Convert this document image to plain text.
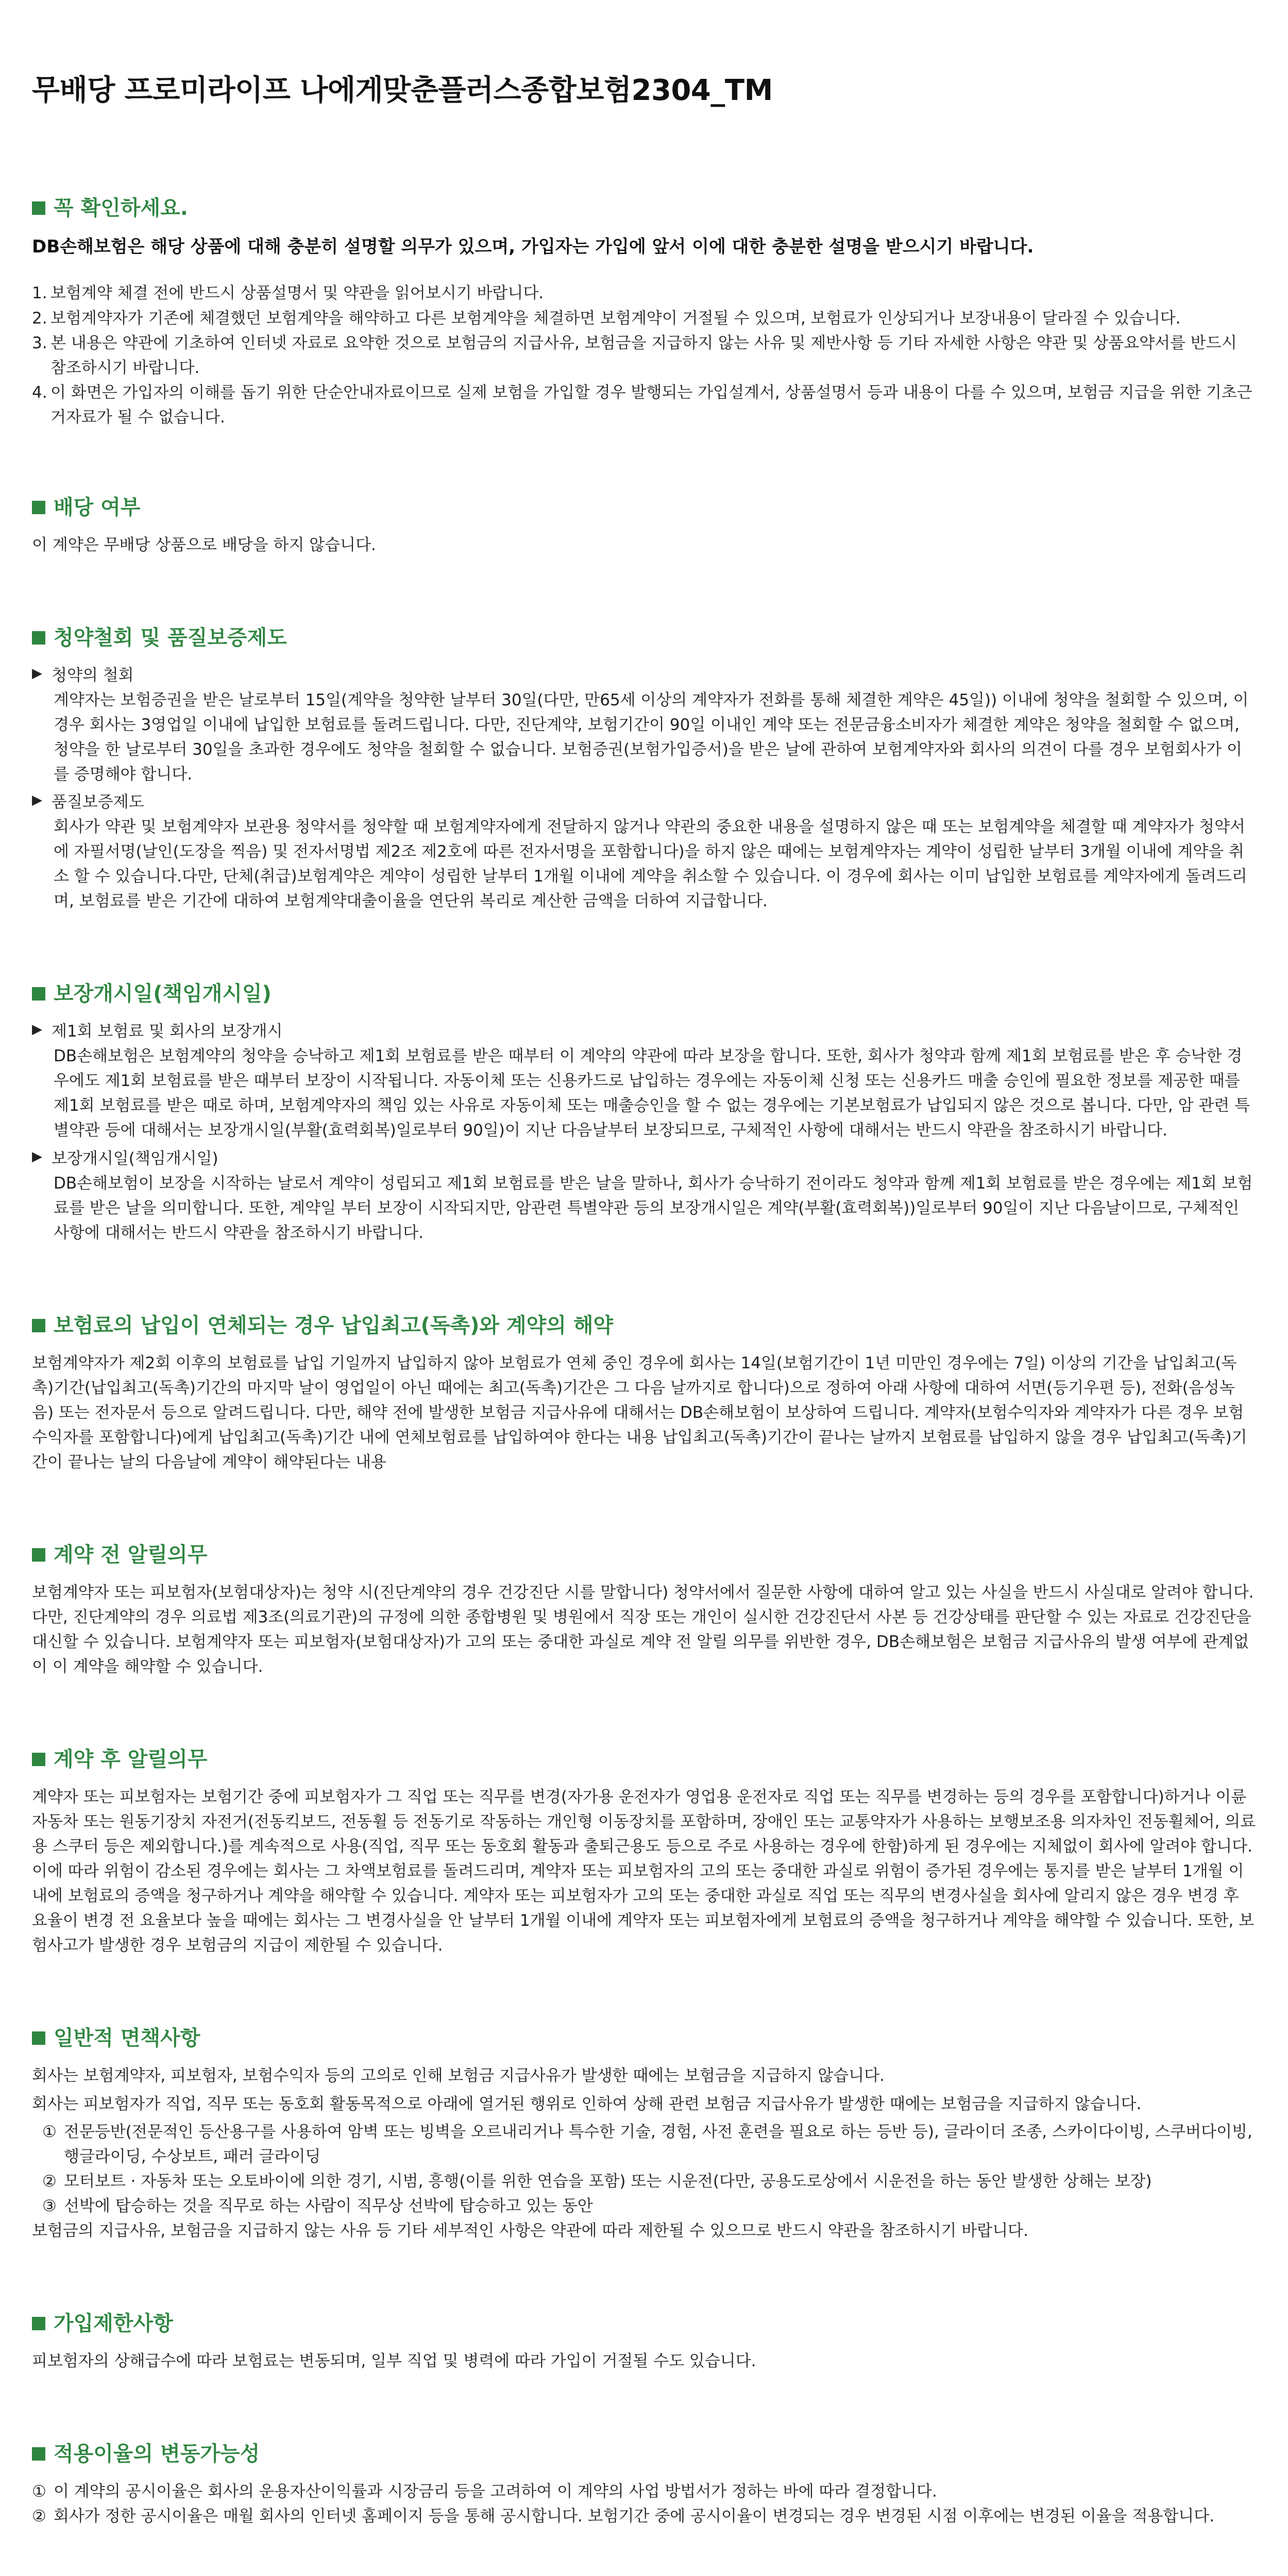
무배당 프로미라이프 나에게맞춘플러스종합보험2304_TM
꼭 확인하세요.
DB손해보험은 해당 상품에 대해 충분히 설명할 의무가 있으며, 가입자는 가입에 앞서 이에 대한 충분한 설명을 받으시기 바랍니다.
1. 보험계약 체결 전에 반드시 상품설명서 및 약관을 읽어보시기 바랍니다.
2. 보험계약자가 기존에 체결했던 보험계약을 해약하고 다른 보험계약을 체결하면 보험계약이 거절될 수 있으며, 보험료가 인상되거나 보장내용이 달라질 수 있습니다.
3. 본 내용은 약관에 기초하여 인터넷 자료로 요약한 것으로 보험금의 지급사유, 보험금을 지급하지 않는 사유 및 제반사항 등 기타 자세한 사항은 약관 및 상품요약서를 반드시 참조하시기 바랍니다.
4. 이 화면은 가입자의 이해를 돕기 위한 단순안내자료이므로 실제 보험을 가입할 경우 발행되는 가입설계서, 상품설명서 등과 내용이 다를 수 있으며, 보험금 지급을 위한 기초근거자료가 될 수 없습니다.
배당 여부

이 계약은 무배당 상품으로 배당을 하지 않습니다.

청약철회 및 품질보증제도
▶ 청약의 철회

계약자는 보험증권을 받은 날로부터 15일(계약을 청약한 날부터 30일(다만, 만65세 이상의 계약자가 전화를 통해 체결한 계약은 45일)) 이내에 청약을 철회할 수 있으며, 이 경우 회사는 3영업일 이내에 납입한 보험료를 돌려드립니다. 다만, 진단계약, 보험기간이 90일 이내인 계약 또는 전문금융소비자가 체결한 계약은 청약을 철회할 수 없으며, 청약을 한 날로부터 30일을 초과한 경우에도 청약을 철회할 수 없습니다. 보험증권(보험가입증서)을 받은 날에 관하여 보험계약자와 회사의 의견이 다를 경우 보험회사가 이를 증명해야 합니다.

▶ 품질보증제도

회사가 약관 및 보험계약자 보관용 청약서를 청약할 때 보험계약자에게 전달하지 않거나 약관의 중요한 내용을 설명하지 않은 때 또는 보험계약을 체결할 때 계약자가 청약서에 자필서명(날인(도장을 찍음) 및 전자서명법 제2조 제2호에 따른 전자서명을 포함합니다)을 하지 않은 때에는 보험계약자는 계약이 성립한 날부터 3개월 이내에 계약을 취소 할 수 있습니다.다만, 단체(취급)보험계약은 계약이 성립한 날부터 1개월 이내에 계약을 취소할 수 있습니다. 이 경우에 회사는 이미 납입한 보험료를 계약자에게 돌려드리며, 보험료를 받은 기간에 대하여 보험계약대출이율을 연단위 복리로 계산한 금액을 더하여 지급합니다.

보장개시일(책임개시일)
▶ 제1회 보험료 및 회사의 보장개시

DB손해보험은 보험계약의 청약을 승낙하고 제1회 보험료를 받은 때부터 이 계약의 약관에 따라 보장을 합니다. 또한, 회사가 청약과 함께 제1회 보험료를 받은 후 승낙한 경우에도 제1회 보험료를 받은 때부터 보장이 시작됩니다. 자동이체 또는 신용카드로 납입하는 경우에는 자동이체 신청 또는 신용카드 매출 승인에 필요한 정보를 제공한 때를 제1회 보험료를 받은 때로 하며, 보험계약자의 책임 있는 사유로 자동이체 또는 매출승인을 할 수 없는 경우에는 기본보험료가 납입되지 않은 것으로 봅니다. 다만, 암 관련 특별약관 등에 대해서는 보장개시일(부활(효력회복)일로부터 90일)이 지난 다음날부터 보장되므로, 구체적인 사항에 대해서는 반드시 약관을 참조하시기 바랍니다.

▶ 보장개시일(책임개시일)

DB손해보험이 보장을 시작하는 날로서 계약이 성립되고 제1회 보험료를 받은 날을 말하나, 회사가 승낙하기 전이라도 청약과 함께 제1회 보험료를 받은 경우에는 제1회 보험료를 받은 날을 의미합니다. 또한, 계약일 부터 보장이 시작되지만, 암관련 특별약관 등의 보장개시일은 계약(부활(효력회복))일로부터 90일이 지난 다음날이므로, 구체적인 사항에 대해서는 반드시 약관을 참조하시기 바랍니다.

보험료의 납입이 연체되는 경우 납입최고(독촉)와 계약의 해약

보험계약자가 제2회 이후의 보험료를 납입 기일까지 납입하지 않아 보험료가 연체 중인 경우에 회사는 14일(보험기간이 1년 미만인 경우에는 7일) 이상의 기간을 납입최고(독촉)기간(납입최고(독촉)기간의 마지막 날이 영업일이 아닌 때에는 최고(독촉)기간은 그 다음 날까지로 합니다)으로 정하여 아래 사항에 대하여 서면(등기우편 등), 전화(음성녹음) 또는 전자문서 등으로 알려드립니다. 다만, 해약 전에 발생한 보험금 지급사유에 대해서는 DB손해보험이 보상하여 드립니다. 계약자(보험수익자와 계약자가 다른 경우 보험수익자를 포함합니다)에게 납입최고(독촉)기간 내에 연체보험료를 납입하여야 한다는 내용 납입최고(독촉)기간이 끝나는 날까지 보험료를 납입하지 않을 경우 납입최고(독촉)기간이 끝나는 날의 다음날에 계약이 해약된다는 내용

계약 전 알릴의무

보험계약자 또는 피보험자(보험대상자)는 청약 시(진단계약의 경우 건강진단 시를 말합니다) 청약서에서 질문한 사항에 대하여 알고 있는 사실을 반드시 사실대로 알려야 합니다. 다만, 진단계약의 경우 의료법 제3조(의료기관)의 규정에 의한 종합병원 및 병원에서 직장 또는 개인이 실시한 건강진단서 사본 등 건강상태를 판단할 수 있는 자료로 건강진단을 대신할 수 있습니다. 보험계약자 또는 피보험자(보험대상자)가 고의 또는 중대한 과실로 계약 전 알릴 의무를 위반한 경우, DB손해보험은 보험금 지급사유의 발생 여부에 관계없이 이 계약을 해약할 수 있습니다.

계약 후 알릴의무

계약자 또는 피보험자는 보험기간 중에 피보험자가 그 직업 또는 직무를 변경(자가용 운전자가 영업용 운전자로 직업 또는 직무를 변경하는 등의 경우를 포함합니다)하거나 이륜자동차 또는 원동기장치 자전거(전동킥보드, 전동휠 등 전동기로 작동하는 개인형 이동장치를 포함하며, 장애인 또는 교통약자가 사용하는 보행보조용 의자차인 전동휠체어, 의료용 스쿠터 등은 제외합니다.)를 계속적으로 사용(직업, 직무 또는 동호회 활동과 출퇴근용도 등으로 주로 사용하는 경우에 한함)하게 된 경우에는 지체없이 회사에 알려야 합니다. 이에 따라 위험이 감소된 경우에는 회사는 그 차액보험료를 돌려드리며, 계약자 또는 피보험자의 고의 또는 중대한 과실로 위험이 증가된 경우에는 통지를 받은 날부터 1개월 이내에 보험료의 증액을 청구하거나 계약을 해약할 수 있습니다. 계약자 또는 피보험자가 고의 또는 중대한 과실로 직업 또는 직무의 변경사실을 회사에 알리지 않은 경우 변경 후 요율이 변경 전 요율보다 높을 때에는 회사는 그 변경사실을 안 날부터 1개월 이내에 계약자 또는 피보험자에게 보험료의 증액을 청구하거나 계약을 해약할 수 있습니다. 또한, 보험사고가 발생한 경우 보험금의 지급이 제한될 수 있습니다.

일반적 면책사항

회사는 보험계약자, 피보험자, 보험수익자 등의 고의로 인해 보험금 지급사유가 발생한 때에는 보험금을 지급하지 않습니다.

회사는 피보험자가 직업, 직무 또는 동호회 활동목적으로 아래에 열거된 행위로 인하여 상해 관련 보험금 지급사유가 발생한 때에는 보험금을 지급하지 않습니다.

① 전문등반(전문적인 등산용구를 사용하여 암벽 또는 빙벽을 오르내리거나 특수한 기술, 경험, 사전 훈련을 필요로 하는 등반 등), 글라이더 조종, 스카이다이빙, 스쿠버다이빙, 행글라이딩, 수상보트, 패러 글라이딩
② 모터보트 · 자동차 또는 오토바이에 의한 경기, 시범, 흥행(이를 위한 연습을 포함) 또는 시운전(다만, 공용도로상에서 시운전을 하는 동안 발생한 상해는 보장)
③ 선박에 탑승하는 것을 직무로 하는 사람이 직무상 선박에 탑승하고 있는 동안

보험금의 지급사유, 보험금을 지급하지 않는 사유 등 기타 세부적인 사항은 약관에 따라 제한될 수 있으므로 반드시 약관을 참조하시기 바랍니다.

가입제한사항

피보험자의 상해급수에 따라 보험료는 변동되며, 일부 직업 및 병력에 따라 가입이 거절될 수도 있습니다.

적용이율의 변동가능성
① 이 계약의 공시이율은 회사의 운용자산이익률과 시장금리 등을 고려하여 이 계약의 사업 방법서가 정하는 바에 따라 결정합니다.
② 회사가 정한 공시이율은 매월 회사의 인터넷 홈페이지 등을 통해 공시합니다. 보험기간 중에 공시이율이 변경되는 경우 변경된 시점 이후에는 변경된 이율을 적용합니다.
